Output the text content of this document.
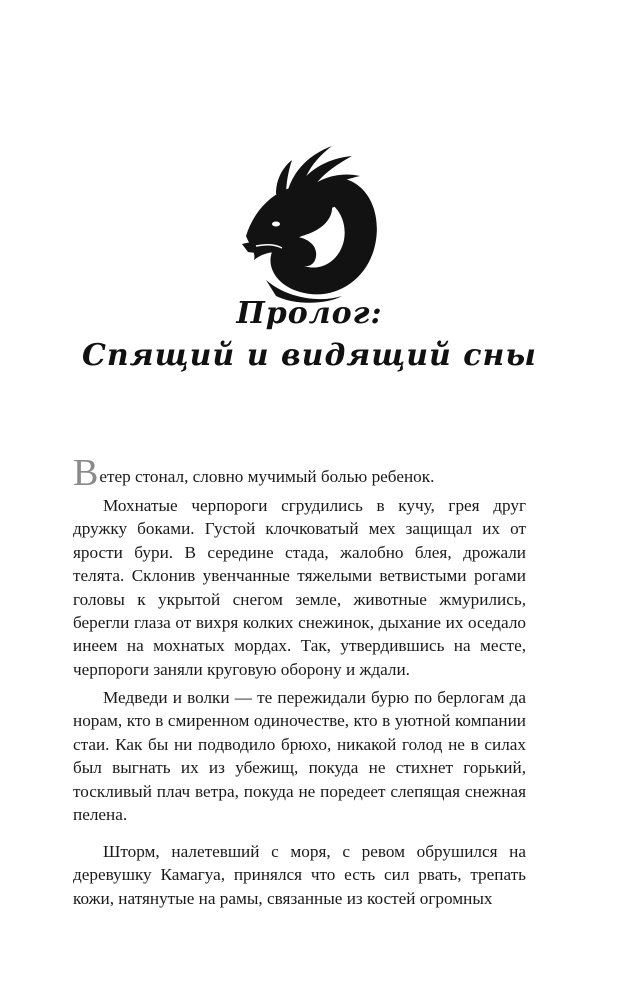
Пролог:
Спящий и видящий сны

Ветер стонал, словно мучимый болью ребенок.

Мохнатые черпороги сгрудились в кучу, грея друг дружку боками. Густой клочковатый мех защищал их от ярости бури. В середине стада, жалобно блея, дрожали телята. Склонив увенчанные тяжелыми ветвистыми рогами головы к укрытой снегом земле, животные жмурились, берегли глаза от вихря колких снежинок, дыхание их оседало инеем на мохнатых мордах. Так, утвердившись на месте, черпороги заняли круговую оборону и ждали.

Медведи и волки — те пережидали бурю по берлогам да норам, кто в смиренном одиночестве, кто в уютной компании стаи. Как бы ни подводило брюхо, никакой голод не в силах был выгнать их из убежищ, покуда не стихнет горький, тоскливый плач ветра, покуда не поредеет слепящая снежная пелена.

Шторм, налетевший с моря, с ревом обрушился на деревушку Камагуа, принялся что есть сил рвать, трепать кожи, натянутые на рамы, связанные из костей огромных
